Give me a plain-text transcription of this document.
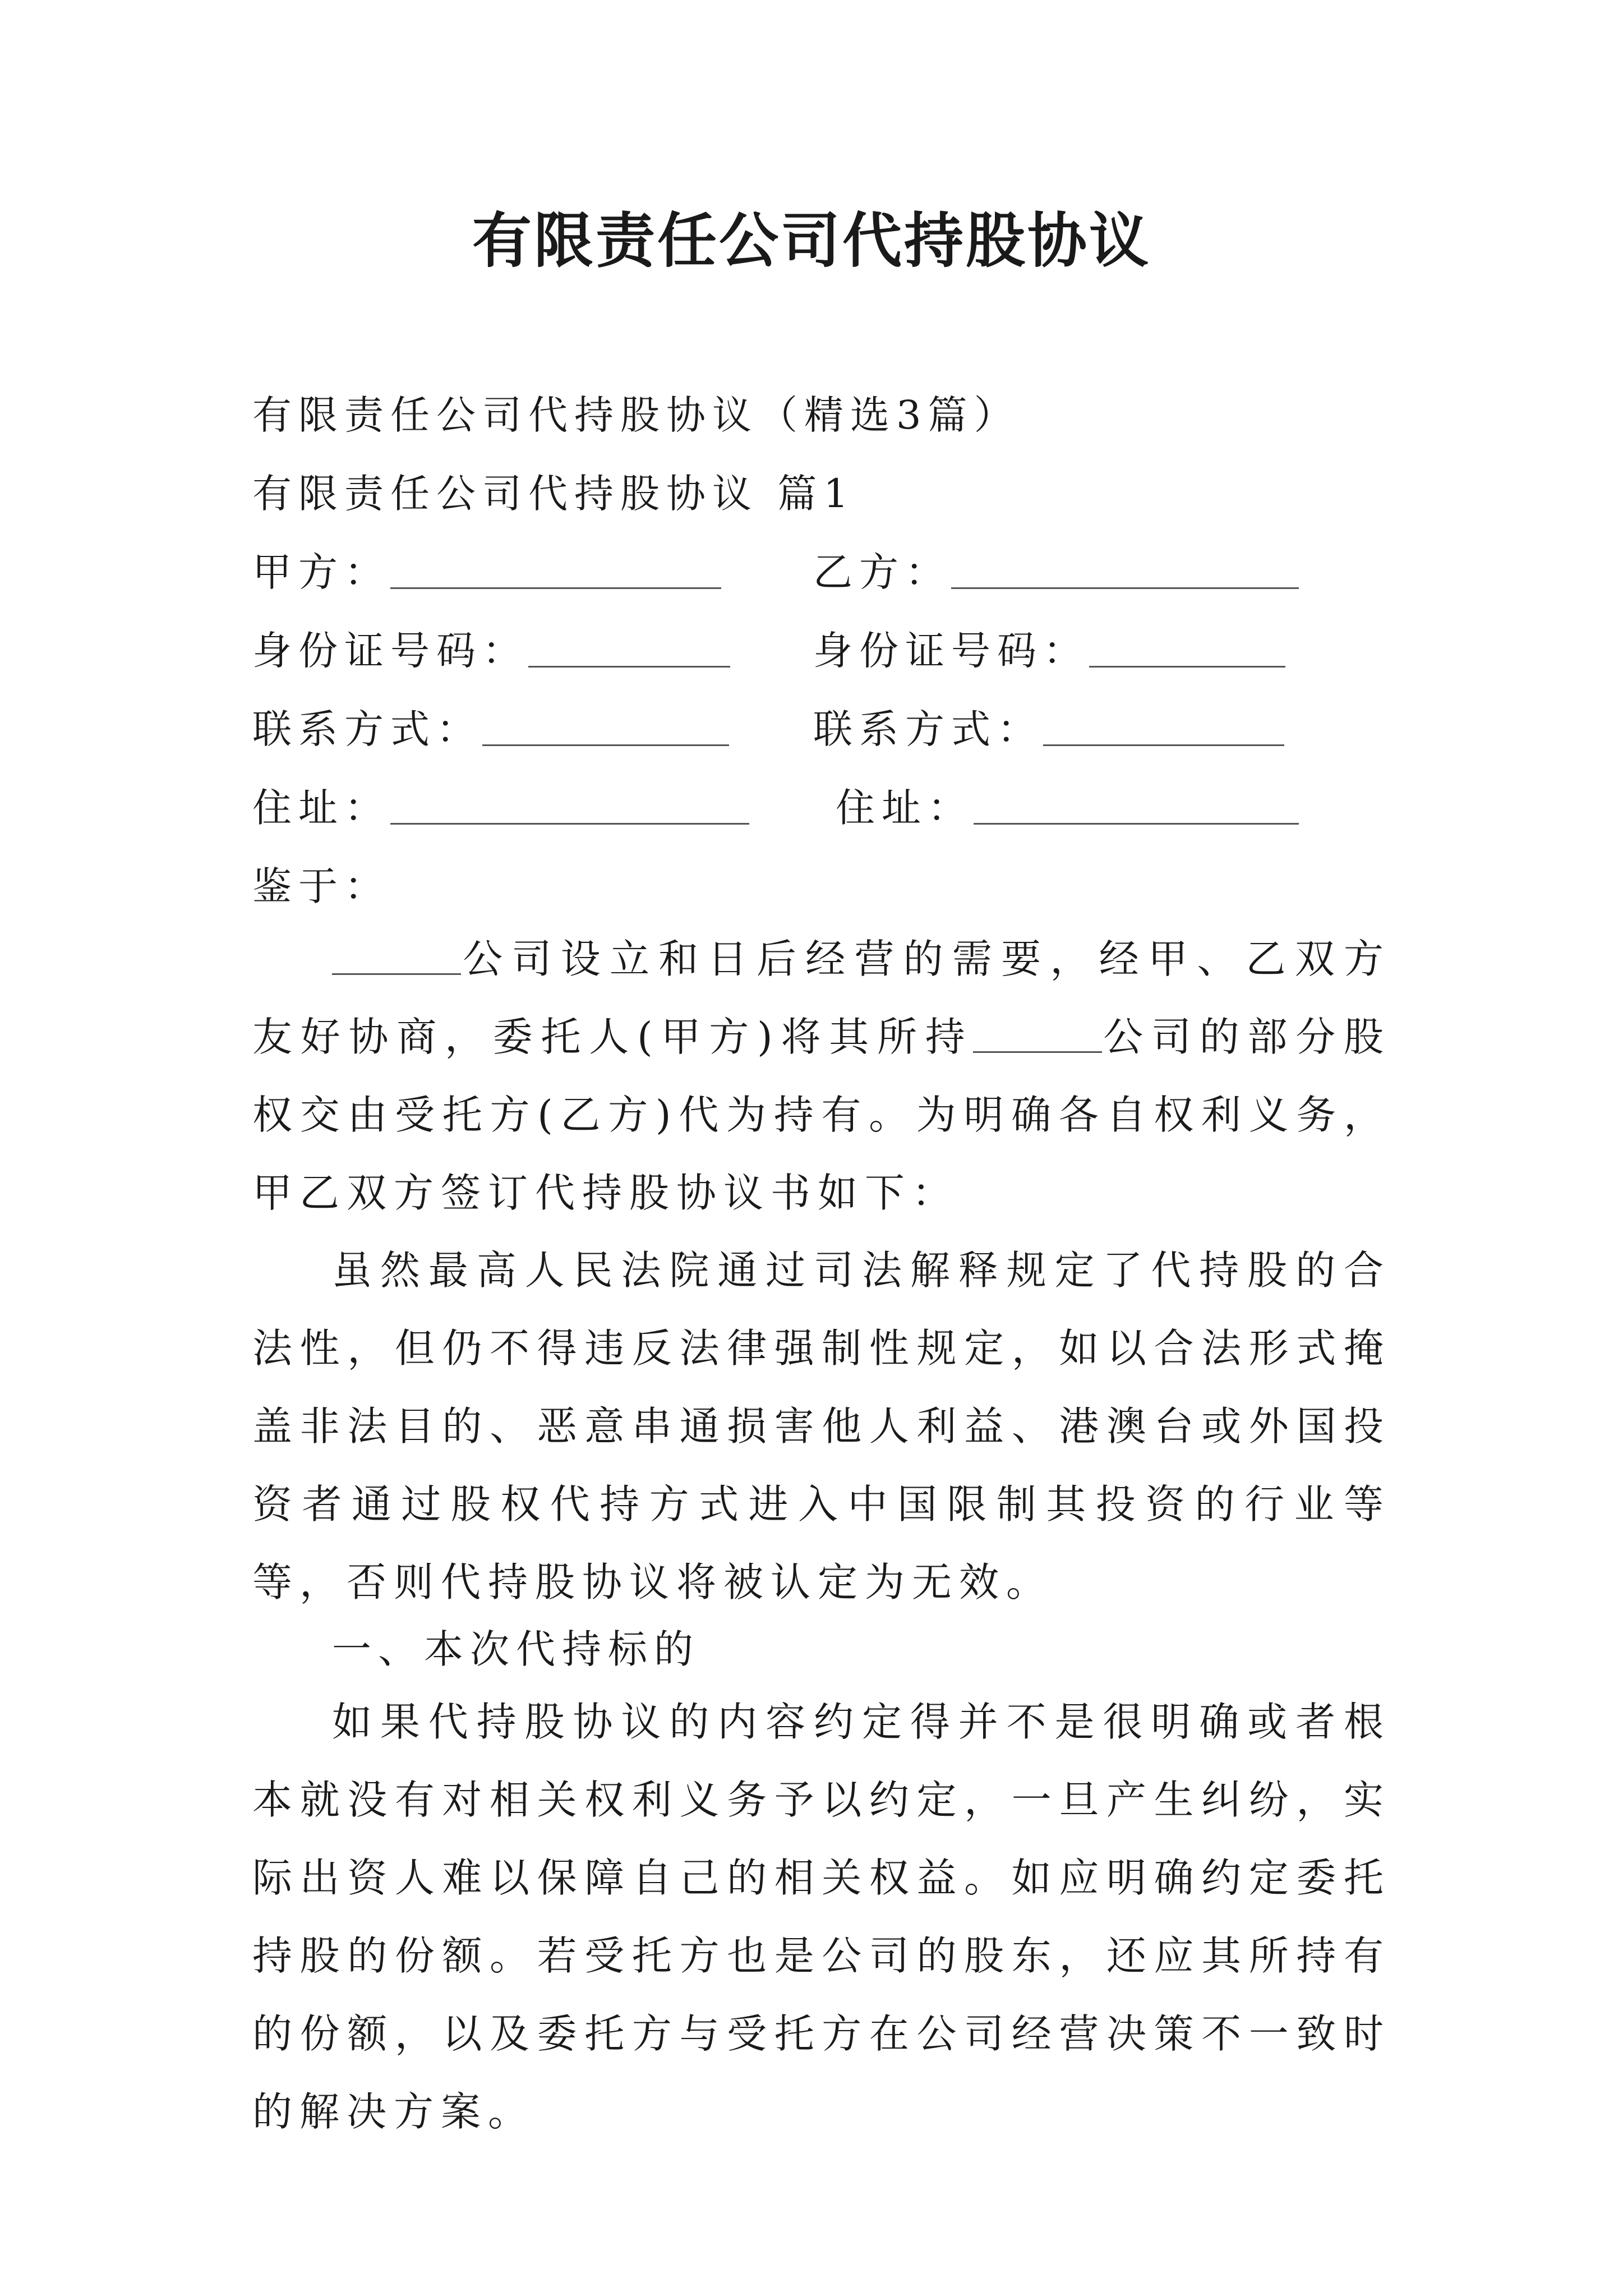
有限责任公司代持股协议
有限责任公司代持股协议（精选3篇）
有限责任公司代持股协议 篇1
甲方：	乙方：
身份证号码：	身份证号码：
联系方式：	联系方式：
住址：	住址：
鉴于：
公司设立和日后经营的需要，经甲、乙双方友好协商，委托人(甲方)将其所持	公司的部分股权交由受托方(乙方)代为持有。为明确各自权利义务，甲乙双方签订代持股协议书如下：
虽然最高人民法院通过司法解释规定了代持股的合法性，但仍不得违反法律强制性规定，如以合法形式掩盖非法目的、恶意串通损害他人利益、港澳台或外国投资者通过股权代持方式进入中国限制其投资的行业等等，否则代持股协议将被认定为无效。
一、本次代持标的
如果代持股协议的内容约定得并不是很明确或者根本就没有对相关权利义务予以约定，一旦产生纠纷，实际出资人难以保障自己的相关权益。如应明确约定委托持股的份额。若受托方也是公司的股东，还应其所持有的份额，以及委托方与受托方在公司经营决策不一致时的解决方案。
